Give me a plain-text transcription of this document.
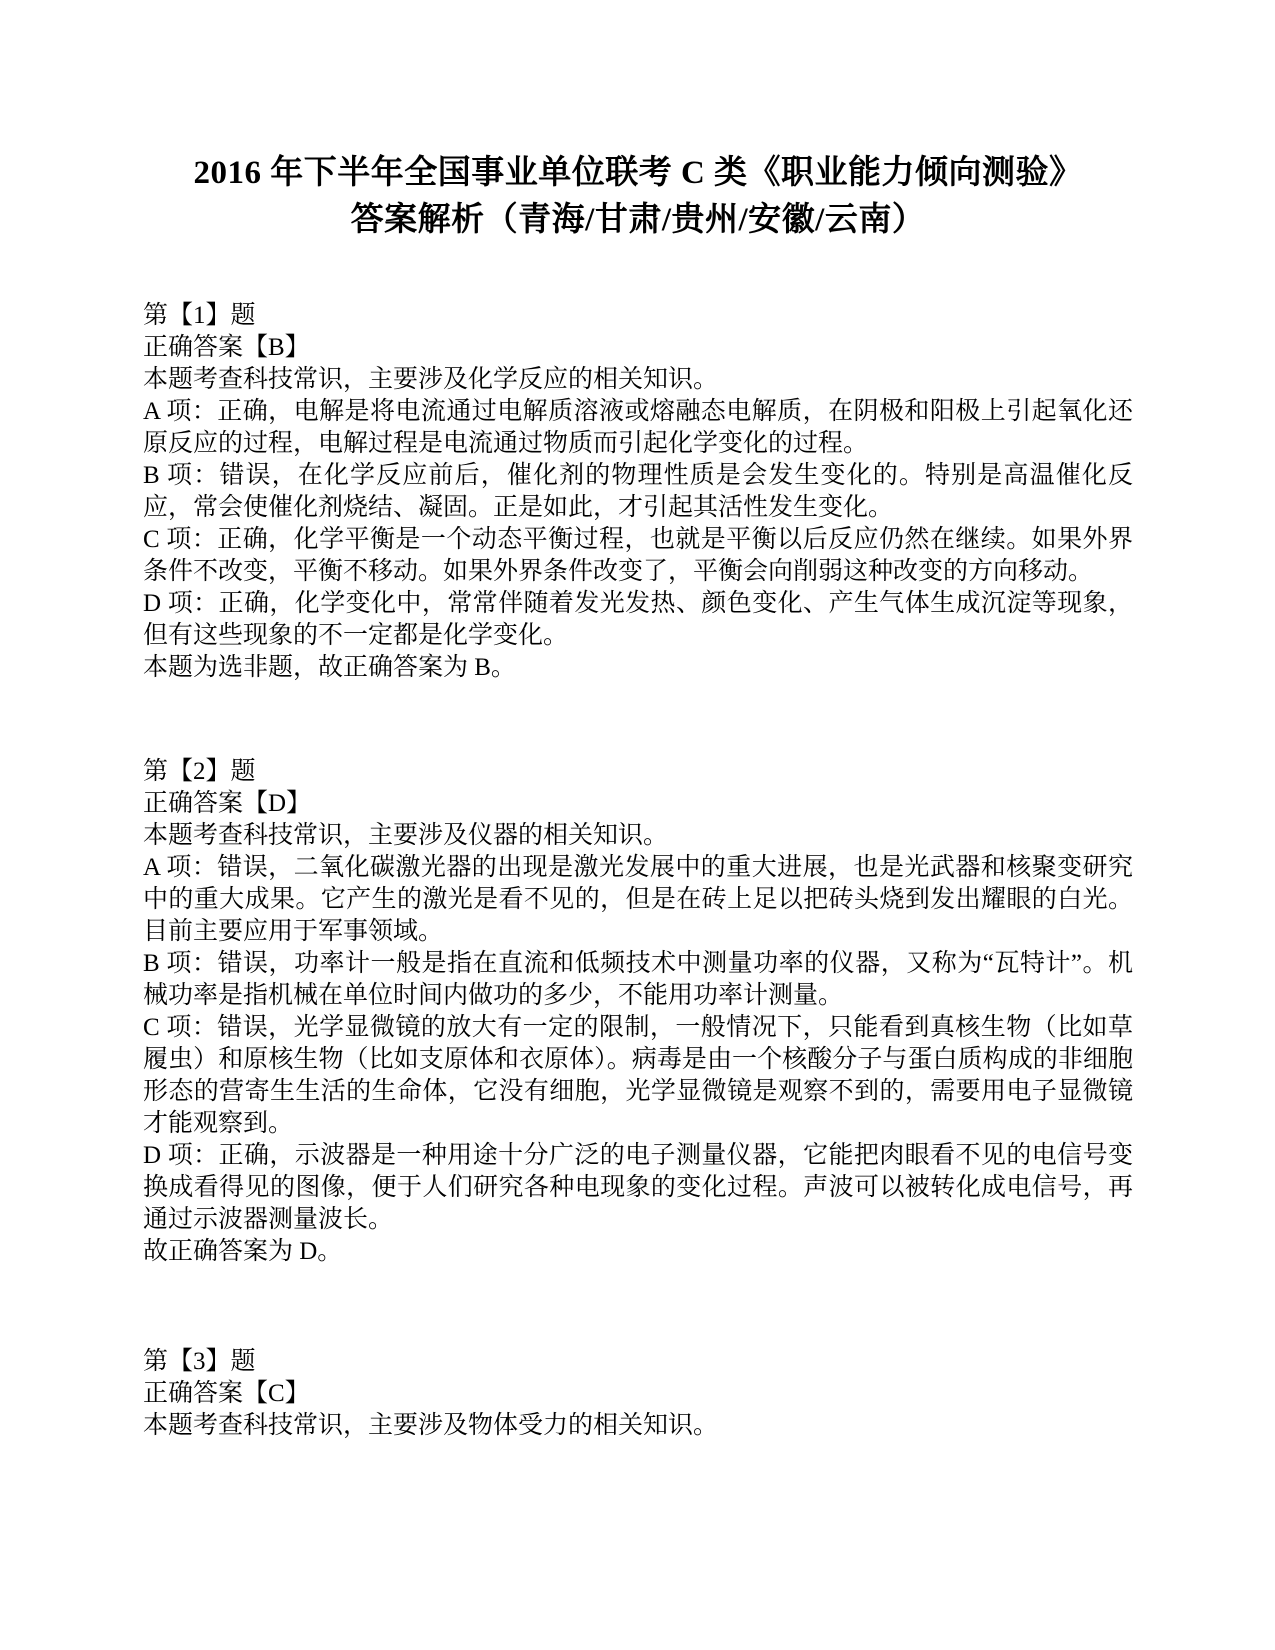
2016 年下半年全国事业单位联考 C 类《职业能力倾向测验》
答案解析（青海/甘肃/贵州/安徽/云南）

第【1】题

正确答案【B】

本题考查科技常识，主要涉及化学反应的相关知识。

A 项：正确，电解是将电流通过电解质溶液或熔融态电解质，在阴极和阳极上引起氧化还原反应的过程，电解过程是电流通过物质而引起化学变化的过程。

B 项：错误，在化学反应前后，催化剂的物理性质是会发生变化的。特别是高温催化反应，常会使催化剂烧结、凝固。正是如此，才引起其活性发生变化。

C 项：正确，化学平衡是一个动态平衡过程，也就是平衡以后反应仍然在继续。如果外界条件不改变，平衡不移动。如果外界条件改变了，平衡会向削弱这种改变的方向移动。

D 项：正确，化学变化中，常常伴随着发光发热、颜色变化、产生气体生成沉淀等现象，但有这些现象的不一定都是化学变化。

本题为选非题，故正确答案为 B。

第【2】题

正确答案【D】

本题考查科技常识，主要涉及仪器的相关知识。

A 项：错误，二氧化碳激光器的出现是激光发展中的重大进展，也是光武器和核聚变研究中的重大成果。它产生的激光是看不见的，但是在砖上足以把砖头烧到发出耀眼的白光。目前主要应用于军事领域。

B 项：错误，功率计一般是指在直流和低频技术中测量功率的仪器，又称为“瓦特计”。机械功率是指机械在单位时间内做功的多少，不能用功率计测量。

C 项：错误，光学显微镜的放大有一定的限制，一般情况下，只能看到真核生物（比如草履虫）和原核生物（比如支原体和衣原体）。病毒是由一个核酸分子与蛋白质构成的非细胞形态的营寄生生活的生命体，它没有细胞，光学显微镜是观察不到的，需要用电子显微镜才能观察到。

D 项：正确，示波器是一种用途十分广泛的电子测量仪器，它能把肉眼看不见的电信号变换成看得见的图像，便于人们研究各种电现象的变化过程。声波可以被转化成电信号，再通过示波器测量波长。

故正确答案为 D。

第【3】题

正确答案【C】

本题考查科技常识，主要涉及物体受力的相关知识。
